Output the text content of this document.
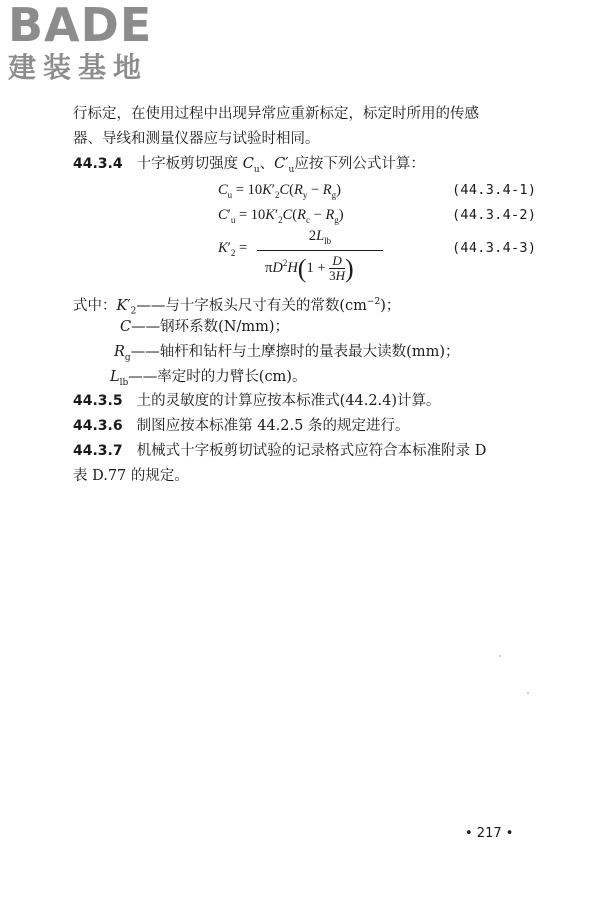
BADE
建装基地
行标定，在使用过程中出现异常应重新标定，标定时所用的传感
器、导线和测量仪器应与试验时相同。
44.3.4 十字板剪切强度 $C_u$、$C'_u$应按下列公式计算：
$C_u = 10K'_2C(R_y - R_g)$	(44.3.4-1)
$C'_u = 10K'_2C(R_c - R_g)$	(44.3.4-2)
$K'_2$ =
$2L_{lb}$
$\pi D^2H(1 + \frac{D}{3H}$ )
(44.3.4-3)
式中：$K'_2——$与十字板头尺寸有关的常数$(cm^{-2})$；
C——钢环系数(N/mm)；
$R_g——$轴杆和钻杆与土摩擦时的量表最大读数(mm)；
$L_{lb}——$率定时的力臂长(cm)。
44.3.5 土的灵敏度的计算应按本标准式(44.2.4)计算。
44.3.6 制图应按本标准第 44.2.5 条的规定进行。
44.3.7 机械式十字板剪切试验的记录格式应符合本标准附录 D
表 D.77 的规定。
• 217 •
